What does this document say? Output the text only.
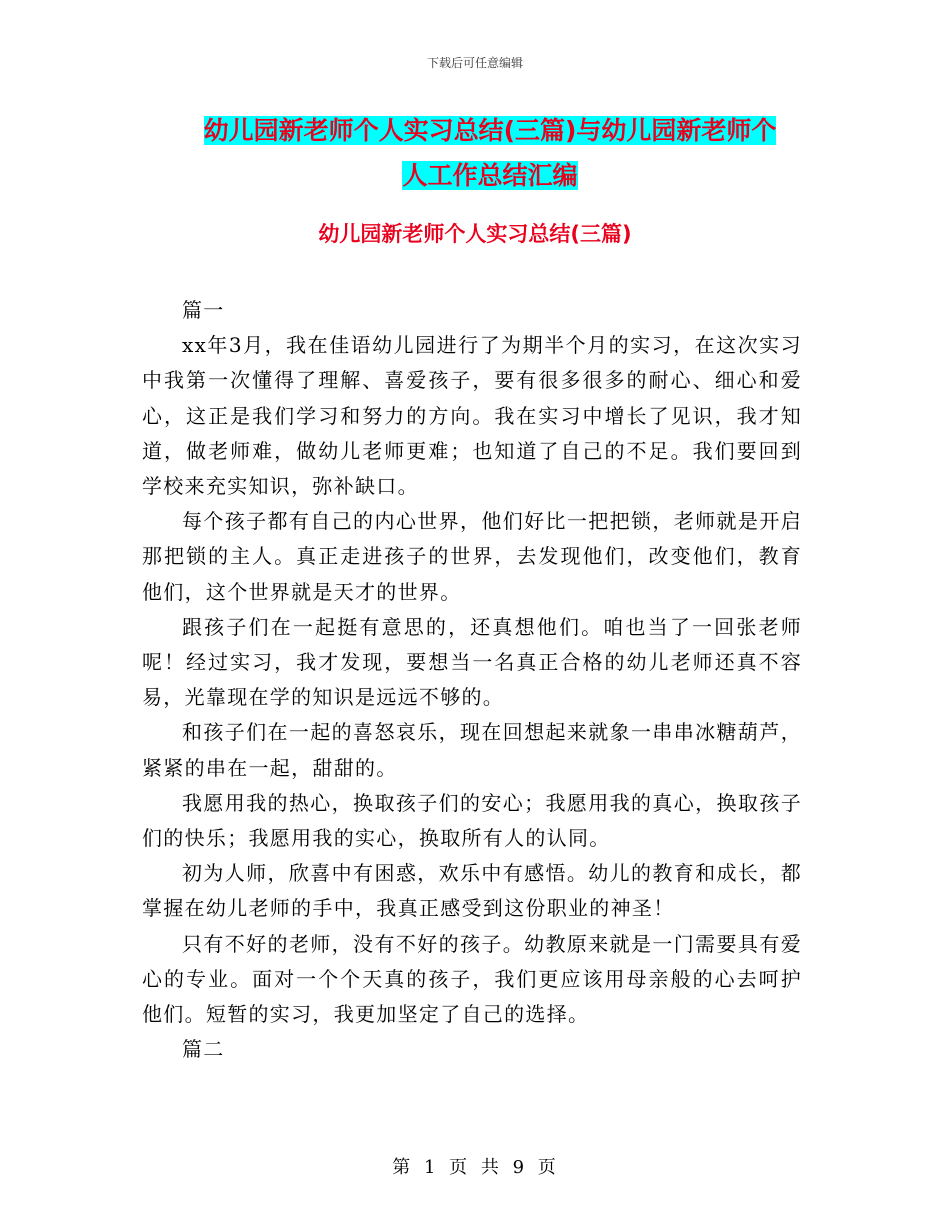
下载后可任意编辑
幼儿园新老师个人实习总结(三篇)与幼儿园新老师个
人工作总结汇编
幼儿园新老师个人实习总结(三篇)

篇一

xx年3月，我在佳语幼儿园进行了为期半个月的实习，在这次实习中我第一次懂得了理解、喜爱孩子，要有很多很多的耐心、细心和爱心，这正是我们学习和努力的方向。我在实习中增长了见识，我才知道，做老师难，做幼儿老师更难；也知道了自己的不足。我们要回到学校来充实知识，弥补缺口。

每个孩子都有自己的内心世界，他们好比一把把锁，老师就是开启那把锁的主人。真正走进孩子的世界，去发现他们，改变他们，教育他们，这个世界就是天才的世界。

跟孩子们在一起挺有意思的，还真想他们。咱也当了一回张老师呢！经过实习，我才发现，要想当一名真正合格的幼儿老师还真不容易，光靠现在学的知识是远远不够的。

和孩子们在一起的喜怒哀乐，现在回想起来就象一串串冰糖葫芦，紧紧的串在一起，甜甜的。

我愿用我的热心，换取孩子们的安心；我愿用我的真心，换取孩子们的快乐；我愿用我的实心，换取所有人的认同。

初为人师，欣喜中有困惑，欢乐中有感悟。幼儿的教育和成长，都掌握在幼儿老师的手中，我真正感受到这份职业的神圣！

只有不好的老师，没有不好的孩子。幼教原来就是一门需要具有爱心的专业。面对一个个天真的孩子，我们更应该用母亲般的心去呵护他们。短暂的实习，我更加坚定了自己的选择。

篇二

第 1 页 共 9 页
